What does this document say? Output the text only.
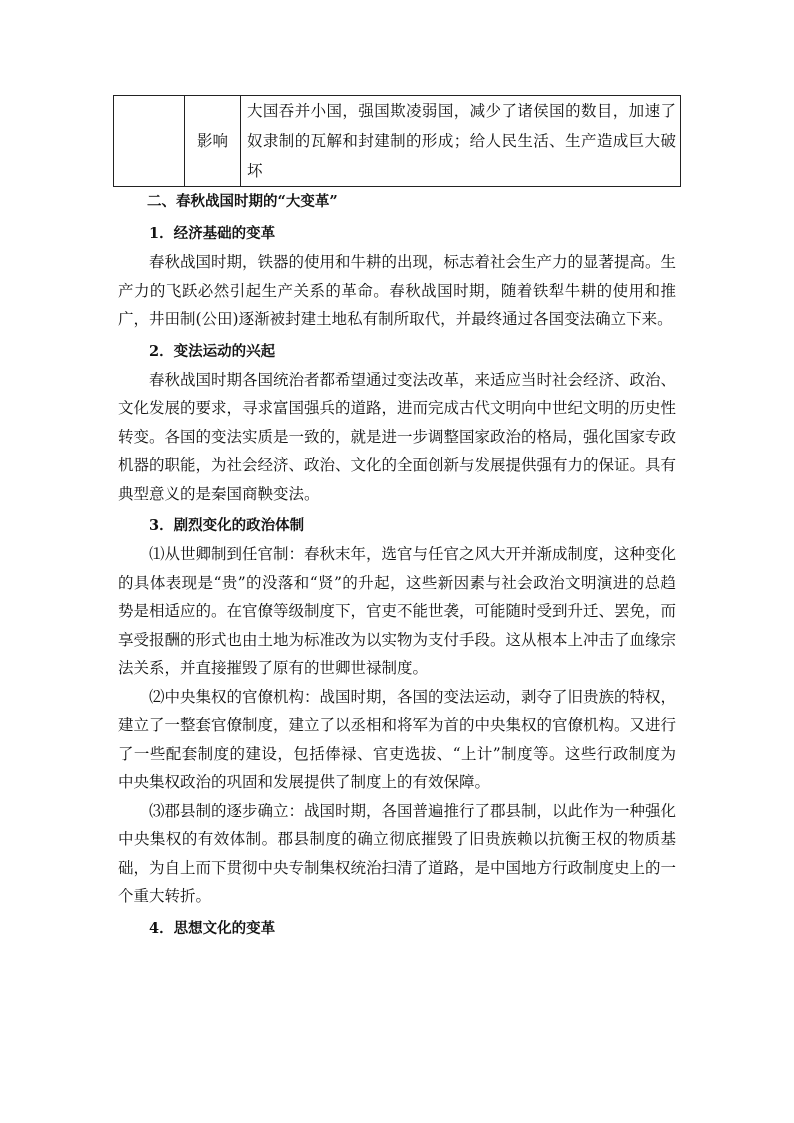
	影响	大国吞并小国，强国欺凌弱国，减少了诸侯国的数目，加速了奴隶制的瓦解和封建制的形成；给人民生活、生产造成巨大破坏

二、春秋战国时期的“大变革”

1．经济基础的变革

春秋战国时期，铁器的使用和牛耕的出现，标志着社会生产力的显著提高。生产力的飞跃必然引起生产关系的革命。春秋战国时期，随着铁犁牛耕的使用和推广，井田制(公田)逐渐被封建土地私有制所取代，并最终通过各国变法确立下来。

2．变法运动的兴起

春秋战国时期各国统治者都希望通过变法改革，来适应当时社会经济、政治、文化发展的要求，寻求富国强兵的道路，进而完成古代文明向中世纪文明的历史性转变。各国的变法实质是一致的，就是进一步调整国家政治的格局，强化国家专政机器的职能，为社会经济、政治、文化的全面创新与发展提供强有力的保证。具有典型意义的是秦国商鞅变法。

3．剧烈变化的政治体制

⑴从世卿制到任官制：春秋末年，选官与任官之风大开并渐成制度，这种变化的具体表现是“贵”的没落和“贤”的升起，这些新因素与社会政治文明演进的总趋势是相适应的。在官僚等级制度下，官吏不能世袭，可能随时受到升迁、罢免，而享受报酬的形式也由土地为标准改为以实物为支付手段。这从根本上冲击了血缘宗法关系，并直接摧毁了原有的世卿世禄制度。

⑵中央集权的官僚机构：战国时期，各国的变法运动，剥夺了旧贵族的特权，建立了一整套官僚制度，建立了以丞相和将军为首的中央集权的官僚机构。又进行了一些配套制度的建设，包括俸禄、官吏选拔、“上计”制度等。这些行政制度为中央集权政治的巩固和发展提供了制度上的有效保障。

⑶郡县制的逐步确立：战国时期，各国普遍推行了郡县制，以此作为一种强化中央集权的有效体制。郡县制度的确立彻底摧毁了旧贵族赖以抗衡王权的物质基础，为自上而下贯彻中央专制集权统治扫清了道路，是中国地方行政制度史上的一个重大转折。

4．思想文化的变革
